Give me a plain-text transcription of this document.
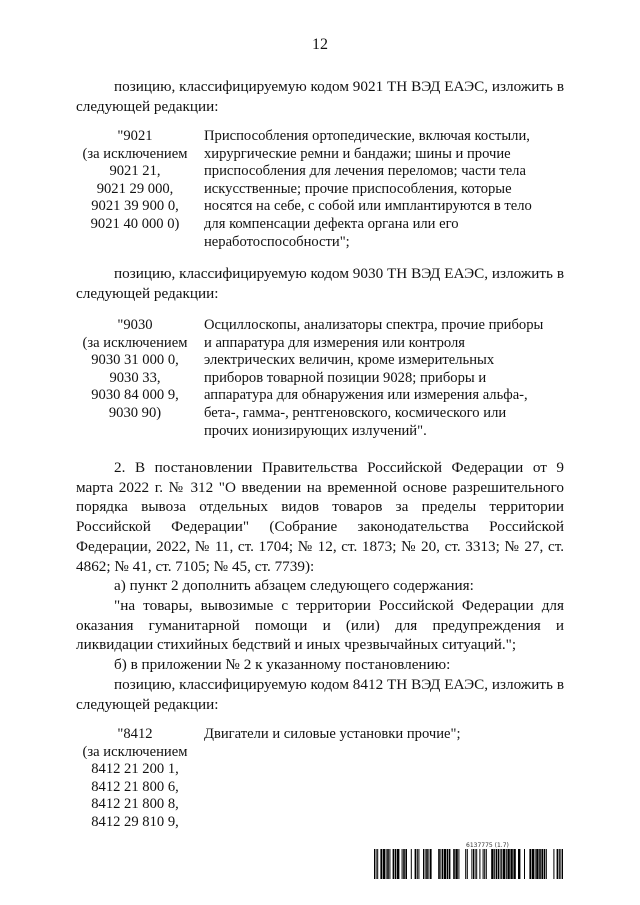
12

позицию, классифицируемую кодом 9021 ТН ВЭД ЕАЭС, изложить в следующей редакции:

"9021
(за исключением
9021 21,
9021 29 000,
9021 39 900 0,
9021 40 000 0)
Приспособления ортопедические, включая костыли,
хирургические ремни и бандажи; шины и прочие
приспособления для лечения переломов; части тела
искусственные; прочие приспособления, которые
носятся на себе, с собой или имплантируются в тело
для компенсации дефекта органа или его
неработоспособности";

позицию, классифицируемую кодом 9030 ТН ВЭД ЕАЭС, изложить в следующей редакции:

"9030
(за исключением
9030 31 000 0,
9030 33,
9030 84 000 9,
9030 90)
Осциллоскопы, анализаторы спектра, прочие приборы
и аппаратура для измерения или контроля
электрических величин, кроме измерительных
приборов товарной позиции 9028; приборы и
аппаратура для обнаружения или измерения альфа-,
бета-, гамма-, рентгеновского, космического или
прочих ионизирующих излучений".

2. В постановлении Правительства Российской Федерации от 9 марта 2022 г. № 312 "О введении на временной основе разрешительного порядка вывоза отдельных видов товаров за пределы территории Российской Федерации" (Собрание законодательства Российской Федерации, 2022, № 11, ст. 1704; № 12, ст. 1873; № 20, ст. 3313; № 27, ст. 4862; № 41, ст. 7105; № 45, ст. 7739):

а) пункт 2 дополнить абзацем следующего содержания:

"на товары, вывозимые с территории Российской Федерации для оказания гуманитарной помощи и (или) для предупреждения и ликвидации стихийных бедствий и иных чрезвычайных ситуаций.";

б) в приложении № 2 к указанному постановлению:

позицию, классифицируемую кодом 8412 ТН ВЭД ЕАЭС, изложить в следующей редакции:

"8412
(за исключением
8412 21 200 1,
8412 21 800 6,
8412 21 800 8,
8412 29 810 9,
Двигатели и силовые установки прочие";
6137775 (1.7)
